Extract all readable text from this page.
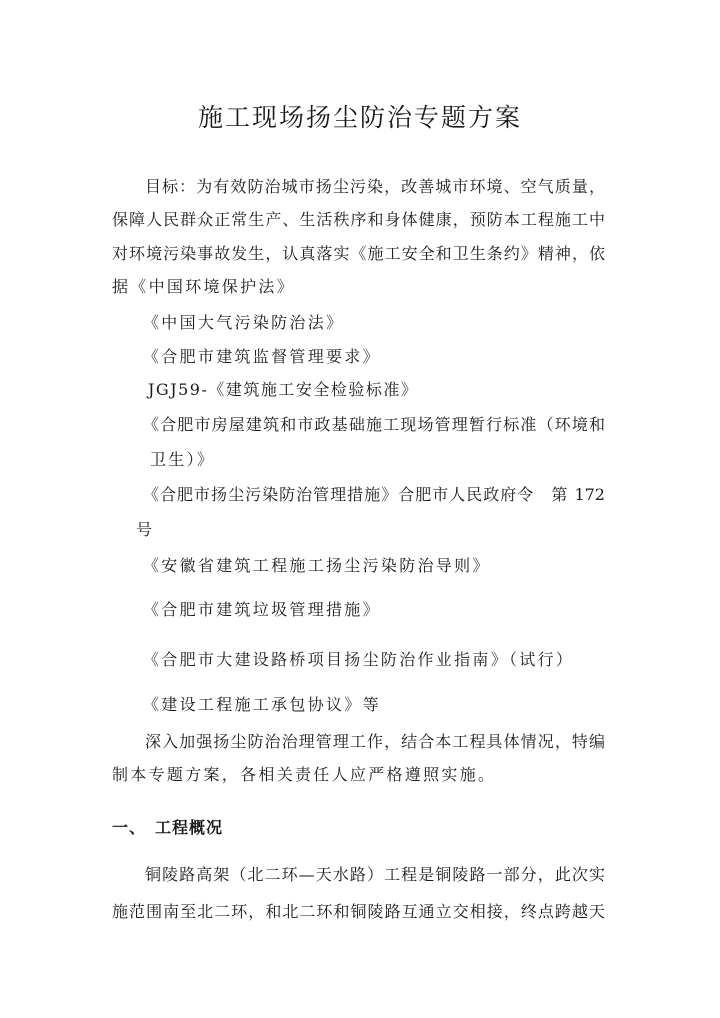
施工现场扬尘防治专题方案
目标：为有效防治城市扬尘污染，改善城市环境、空气质量，
保障人民群众正常生产、生活秩序和身体健康，预防本工程施工中
对环境污染事故发生，认真落实《施工安全和卫生条约》精神，依
据《中国环境保护法》
《中国大气污染防治法》
《合肥市建筑监督管理要求》
JGJ59-《建筑施工安全检验标准》
《合肥市房屋建筑和市政基础施工现场管理暂行标准（环境和
卫生）》
《合肥市扬尘污染防治管理措施》合肥市人民政府令　第 172
号
《安徽省建筑工程施工扬尘污染防治导则》
《合肥市建筑垃圾管理措施》
《合肥市大建设路桥项目扬尘防治作业指南》（试行）
《建设工程施工承包协议》等
深入加强扬尘防治治理管理工作，结合本工程具体情况，特编
制本专题方案，各相关责任人应严格遵照实施。
一、　工程概况
铜陵路高架（北二环—天水路）工程是铜陵路一部分，此次实
施范围南至北二环，和北二环和铜陵路互通立交相接，终点跨越天
